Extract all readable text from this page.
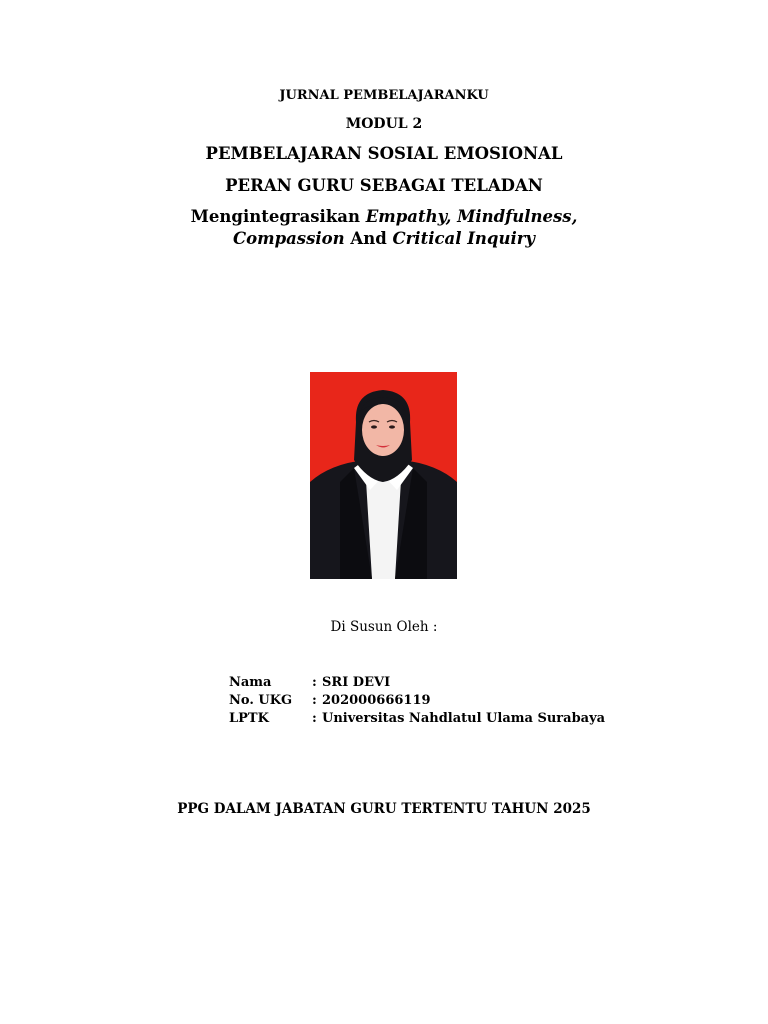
JURNAL PEMBELAJARANKU
MODUL 2
PEMBELAJARAN SOSIAL EMOSIONAL
PERAN GURU SEBAGAI TELADAN
Mengintegrasikan Empathy, Mindfulness,
Compassion And Critical Inquiry
Di Susun Oleh :
Nama	: SRI DEVI
No. UKG	: 202000666119
LPTK	: Universitas Nahdlatul Ulama Surabaya
PPG DALAM JABATAN GURU TERTENTU TAHUN 2025
